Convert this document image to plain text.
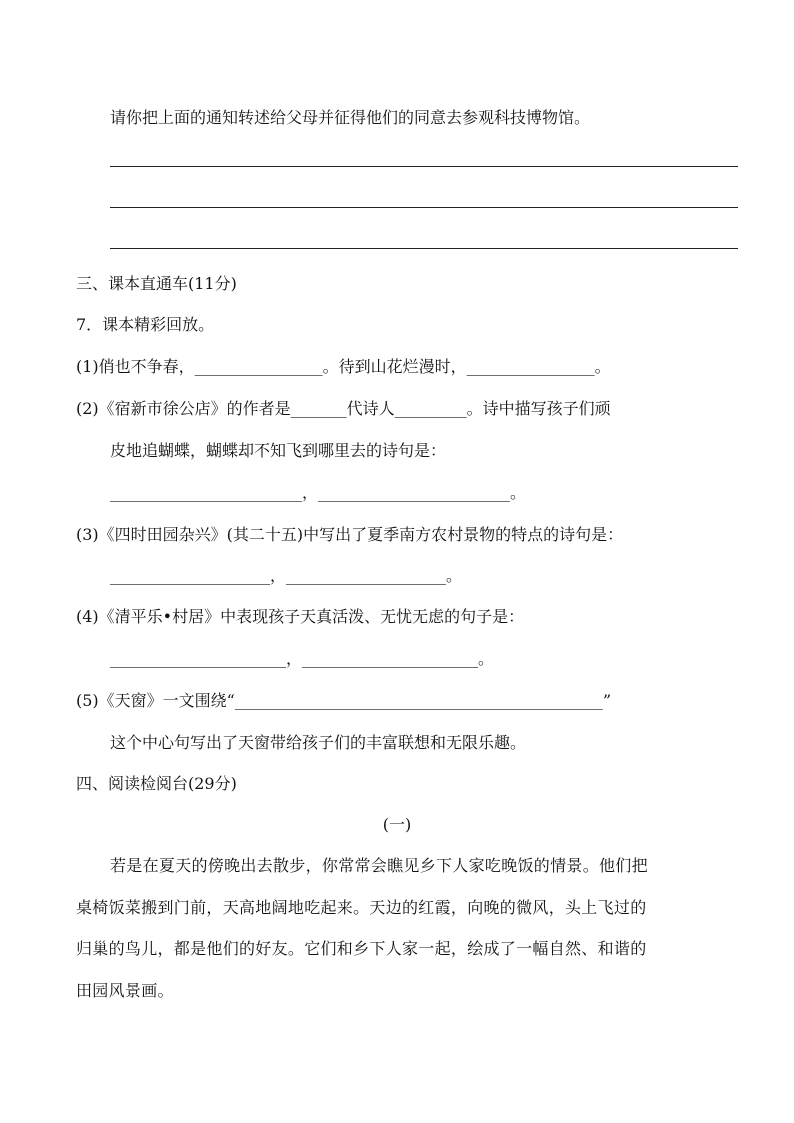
请你把上面的通知转述给父母并征得他们的同意去参观科技博物馆。

三、课本直通车(11分)

7．课本精彩回放。

(1)俏也不争春，________________。待到山花烂漫时，________________。

(2)《宿新市徐公店》的作者是_______代诗人_________。诗中描写孩子们顽

皮地追蝴蝶，蝴蝶却不知飞到哪里去的诗句是：

________________________，________________________。

(3)《四时田园杂兴》(其二十五)中写出了夏季南方农村景物的特点的诗句是：

____________________，____________________。

(4)《清平乐•村居》中表现孩子天真活泼、无忧无虑的句子是：

______________________，______________________。

(5)《天窗》一文围绕“______________________________________________”

这个中心句写出了天窗带给孩子们的丰富联想和无限乐趣。

四、阅读检阅台(29分)

(一)

若是在夏天的傍晚出去散步，你常常会瞧见乡下人家吃晚饭的情景。他们把

桌椅饭菜搬到门前，天高地阔地吃起来。天边的红霞，向晚的微风，头上飞过的

归巢的鸟儿，都是他们的好友。它们和乡下人家一起，绘成了一幅自然、和谐的

田园风景画。
